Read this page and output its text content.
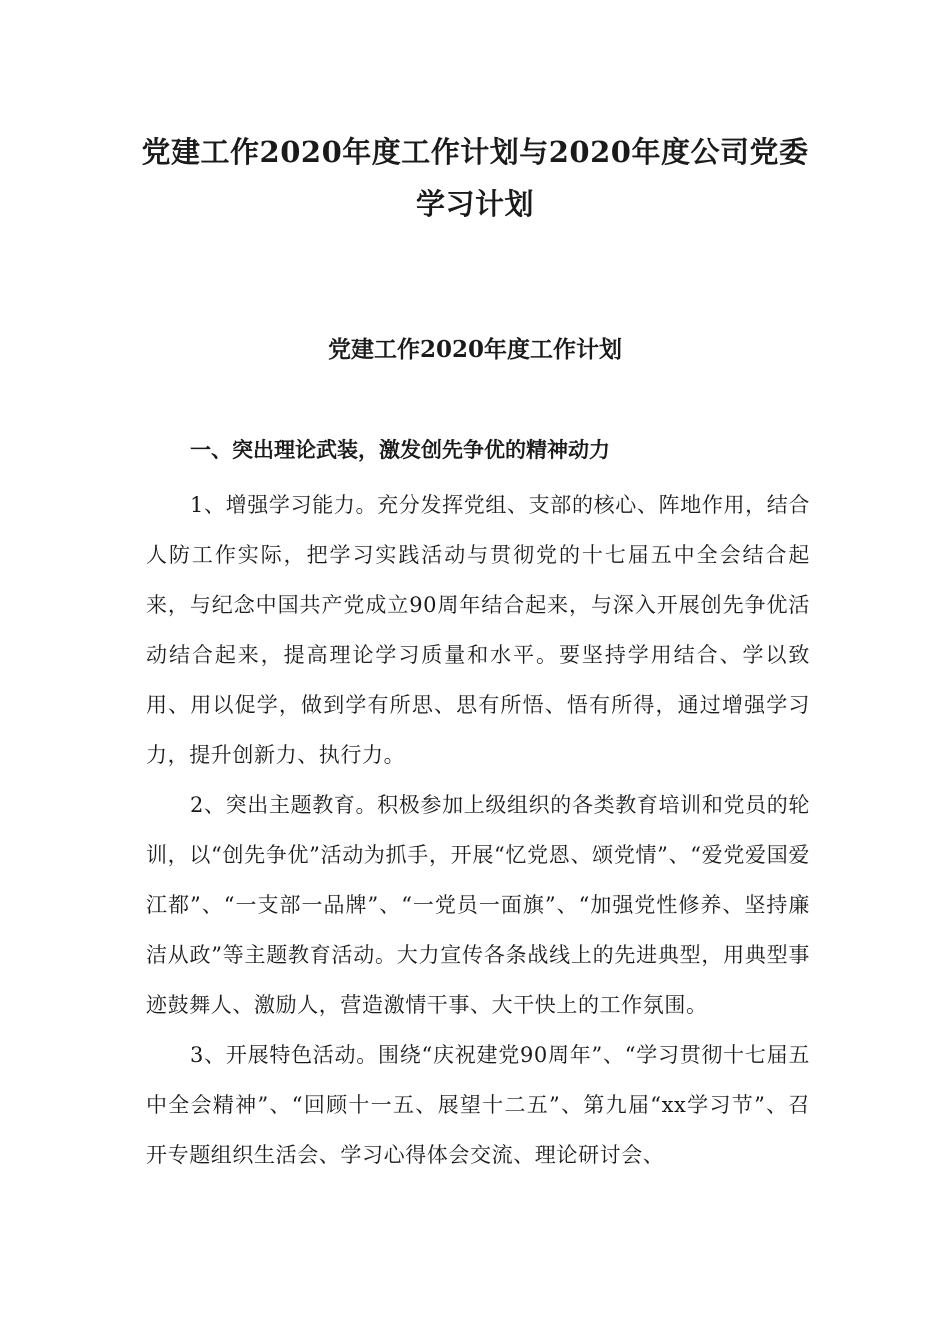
党建工作2020年度工作计划与2020年度公司党委学习计划
党建工作2020年度工作计划
一、突出理论武装，激发创先争优的精神动力

1、增强学习能力。充分发挥党组、支部的核心、阵地作用，结合人防工作实际，把学习实践活动与贯彻党的十七届五中全会结合起来，与纪念中国共产党成立90周年结合起来，与深入开展创先争优活动结合起来，提高理论学习质量和水平。要坚持学用结合、学以致用、用以促学，做到学有所思、思有所悟、悟有所得，通过增强学习力，提升创新力、执行力。

2、突出主题教育。积极参加上级组织的各类教育培训和党员的轮训，以“创先争优”活动为抓手，开展“忆党恩、颂党情”、“爱党爱国爱江都”、“一支部一品牌”、“一党员一面旗”、“加强党性修养、坚持廉洁从政”等主题教育活动。大力宣传各条战线上的先进典型，用典型事迹鼓舞人、激励人，营造激情干事、大干快上的工作氛围。

3、开展特色活动。围绕“庆祝建党90周年”、“学习贯彻十七届五中全会精神”、“回顾十一五、展望十二五”、第九届“xx学习节”、召开专题组织生活会、学习心得体会交流、理论研讨会、
